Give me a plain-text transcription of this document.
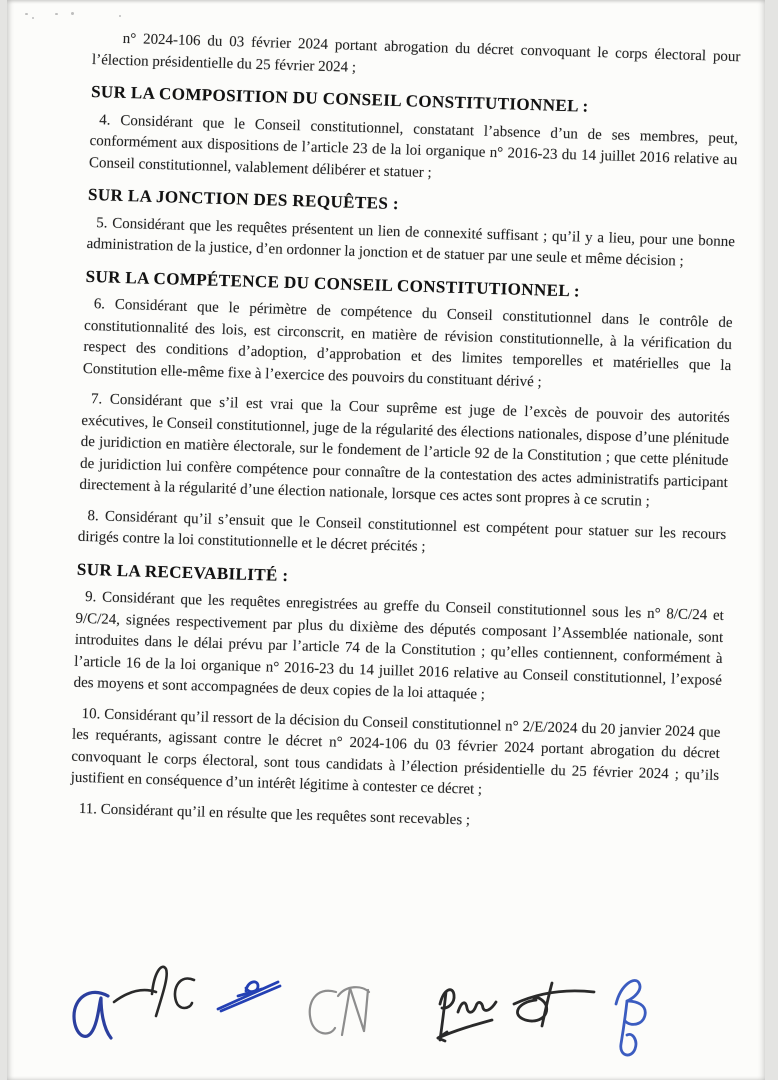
n° 2024-106 du 03 février 2024 portant abrogation du décret convoquant le corps électoral pour l’élection présidentielle du 25 février 2024 ;

SUR LA COMPOSITION DU CONSEIL CONSTITUTIONNEL :

4. Considérant que le Conseil constitutionnel, constatant l’absence d’un de ses membres, peut, conformément aux dispositions de l’article 23 de la loi organique n° 2016-23 du 14 juillet 2016 relative au Conseil constitutionnel, valablement délibérer et statuer ;

SUR LA JONCTION DES REQUÊTES :

5. Considérant que les requêtes présentent un lien de connexité suffisant ; qu’il y a lieu, pour une bonne administration de la justice, d’en ordonner la jonction et de statuer par une seule et même décision ;

SUR LA COMPÉTENCE DU CONSEIL CONSTITUTIONNEL :

6. Considérant que le périmètre de compétence du Conseil constitutionnel dans le contrôle de constitutionnalité des lois, est circonscrit, en matière de révision constitutionnelle, à la vérification du respect des conditions d’adoption, d’approbation et des limites temporelles et matérielles que la Constitution elle-même fixe à l’exercice des pouvoirs du constituant dérivé ;

7. Considérant que s’il est vrai que la Cour suprême est juge de l’excès de pouvoir des autorités exécutives, le Conseil constitutionnel, juge de la régularité des élections nationales, dispose d’une plénitude de juridiction en matière électorale, sur le fondement de l’article 92 de la Constitution ; que cette plénitude de juridiction lui confère compétence pour connaître de la contestation des actes administratifs participant directement à la régularité d’une élection nationale, lorsque ces actes sont propres à ce scrutin ;

8. Considérant qu’il s’ensuit que le Conseil constitutionnel est compétent pour statuer sur les recours dirigés contre la loi constitutionnelle et le décret précités ;

SUR LA RECEVABILITÉ :

9. Considérant que les requêtes enregistrées au greffe du Conseil constitutionnel sous les n° 8/C/24 et 9/C/24, signées respectivement par plus du dixième des députés composant l’Assemblée nationale, sont introduites dans le délai prévu par l’article 74 de la Constitution ; qu’elles contiennent, conformément à l’article 16 de la loi organique n° 2016-23 du 14 juillet 2016 relative au Conseil constitutionnel, l’exposé des moyens et sont accompagnées de deux copies de la loi attaquée ;

10. Considérant qu’il ressort de la décision du Conseil constitutionnel n° 2/E/2024 du 20 janvier 2024 que les requérants, agissant contre le décret n° 2024-106 du 03 février 2024 portant abrogation du décret convoquant le corps électoral, sont tous candidats à l’élection présidentielle du 25 février 2024 ; qu’ils justifient en conséquence d’un intérêt légitime à contester ce décret ;

11. Considérant qu’il en résulte que les requêtes sont recevables ;
